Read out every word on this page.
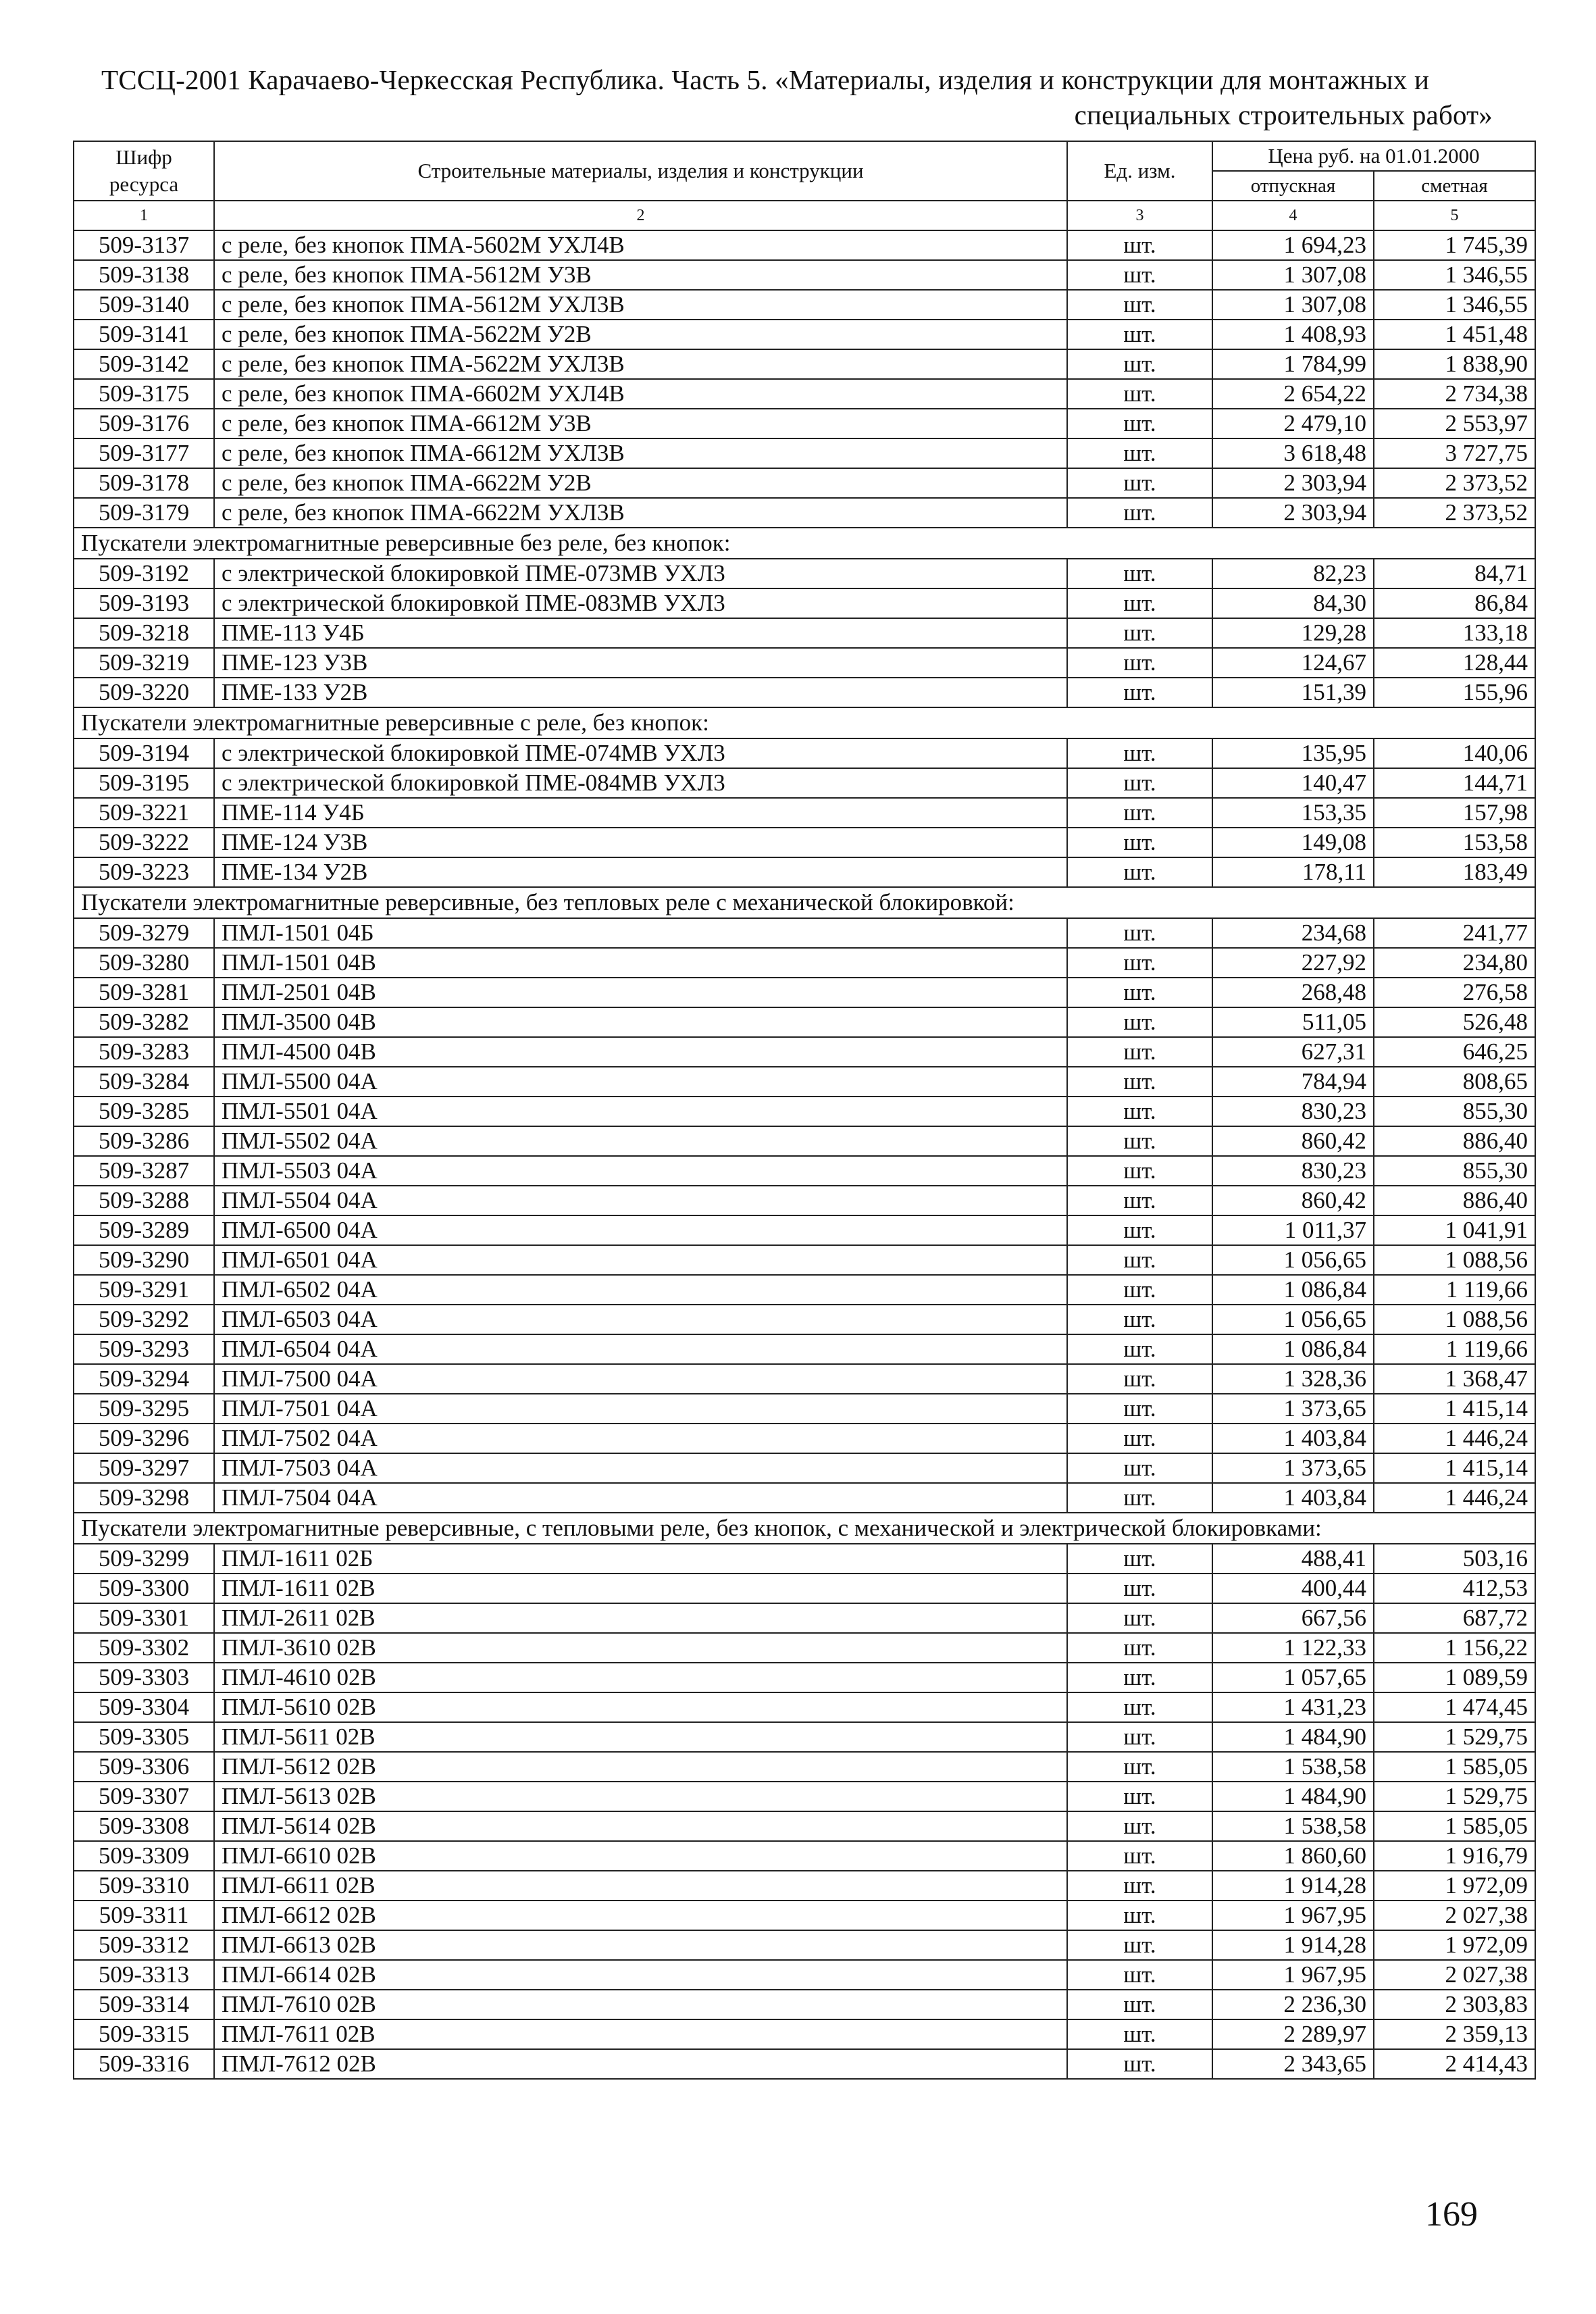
ТССЦ-2001 Карачаево-Черкесская Республика. Часть 5. «Материалы, изделия и конструкции для монтажных и
специальных строительных работ»
Шифр ресурса	Строительные материалы, изделия и конструкции	Ед. изм.	Цена руб. на 01.01.2000	
			отпускная	сметная
1	2	3	4	5
509-3137	с реле, без кнопок ПМА-5602М УХЛ4В	шт.	1 694,23	1 745,39
509-3138	с реле, без кнопок ПМА-5612М У3В	шт.	1 307,08	1 346,55
509-3140	с реле, без кнопок ПМА-5612М УХЛ3В	шт.	1 307,08	1 346,55
509-3141	с реле, без кнопок ПМА-5622М У2В	шт.	1 408,93	1 451,48
509-3142	с реле, без кнопок ПМА-5622М УХЛ3В	шт.	1 784,99	1 838,90
509-3175	с реле, без кнопок ПМА-6602М УХЛ4В	шт.	2 654,22	2 734,38
509-3176	с реле, без кнопок ПМА-6612М У3В	шт.	2 479,10	2 553,97
509-3177	с реле, без кнопок ПМА-6612М УХЛ3В	шт.	3 618,48	3 727,75
509-3178	с реле, без кнопок ПМА-6622М У2В	шт.	2 303,94	2 373,52
509-3179	с реле, без кнопок ПМА-6622М УХЛ3В	шт.	2 303,94	2 373,52
Пускатели электромагнитные реверсивные без реле, без кнопок:				
509-3192	с электрической блокировкой ПМЕ-073МВ УХЛ3	шт.	82,23	84,71
509-3193	с электрической блокировкой ПМЕ-083МВ УХЛ3	шт.	84,30	86,84
509-3218	ПМЕ-113 У4Б	шт.	129,28	133,18
509-3219	ПМЕ-123 У3В	шт.	124,67	128,44
509-3220	ПМЕ-133 У2В	шт.	151,39	155,96
Пускатели электромагнитные реверсивные с реле, без кнопок:				
509-3194	с электрической блокировкой ПМЕ-074МВ УХЛ3	шт.	135,95	140,06
509-3195	с электрической блокировкой ПМЕ-084МВ УХЛ3	шт.	140,47	144,71
509-3221	ПМЕ-114 У4Б	шт.	153,35	157,98
509-3222	ПМЕ-124 У3В	шт.	149,08	153,58
509-3223	ПМЕ-134 У2В	шт.	178,11	183,49
Пускатели электромагнитные реверсивные, без тепловых реле с механической блокировкой:				
509-3279	ПМЛ-1501 04Б	шт.	234,68	241,77
509-3280	ПМЛ-1501 04В	шт.	227,92	234,80
509-3281	ПМЛ-2501 04В	шт.	268,48	276,58
509-3282	ПМЛ-3500 04В	шт.	511,05	526,48
509-3283	ПМЛ-4500 04В	шт.	627,31	646,25
509-3284	ПМЛ-5500 04А	шт.	784,94	808,65
509-3285	ПМЛ-5501 04А	шт.	830,23	855,30
509-3286	ПМЛ-5502 04А	шт.	860,42	886,40
509-3287	ПМЛ-5503 04А	шт.	830,23	855,30
509-3288	ПМЛ-5504 04А	шт.	860,42	886,40
509-3289	ПМЛ-6500 04А	шт.	1 011,37	1 041,91
509-3290	ПМЛ-6501 04А	шт.	1 056,65	1 088,56
509-3291	ПМЛ-6502 04А	шт.	1 086,84	1 119,66
509-3292	ПМЛ-6503 04А	шт.	1 056,65	1 088,56
509-3293	ПМЛ-6504 04А	шт.	1 086,84	1 119,66
509-3294	ПМЛ-7500 04А	шт.	1 328,36	1 368,47
509-3295	ПМЛ-7501 04А	шт.	1 373,65	1 415,14
509-3296	ПМЛ-7502 04А	шт.	1 403,84	1 446,24
509-3297	ПМЛ-7503 04А	шт.	1 373,65	1 415,14
509-3298	ПМЛ-7504 04А	шт.	1 403,84	1 446,24
Пускатели электромагнитные реверсивные, с тепловыми реле, без кнопок, с механической и электрической блокировками:				
509-3299	ПМЛ-1611 02Б	шт.	488,41	503,16
509-3300	ПМЛ-1611 02В	шт.	400,44	412,53
509-3301	ПМЛ-2611 02В	шт.	667,56	687,72
509-3302	ПМЛ-3610 02В	шт.	1 122,33	1 156,22
509-3303	ПМЛ-4610 02В	шт.	1 057,65	1 089,59
509-3304	ПМЛ-5610 02В	шт.	1 431,23	1 474,45
509-3305	ПМЛ-5611 02В	шт.	1 484,90	1 529,75
509-3306	ПМЛ-5612 02В	шт.	1 538,58	1 585,05
509-3307	ПМЛ-5613 02В	шт.	1 484,90	1 529,75
509-3308	ПМЛ-5614 02В	шт.	1 538,58	1 585,05
509-3309	ПМЛ-6610 02В	шт.	1 860,60	1 916,79
509-3310	ПМЛ-6611 02В	шт.	1 914,28	1 972,09
509-3311	ПМЛ-6612 02В	шт.	1 967,95	2 027,38
509-3312	ПМЛ-6613 02В	шт.	1 914,28	1 972,09
509-3313	ПМЛ-6614 02В	шт.	1 967,95	2 027,38
509-3314	ПМЛ-7610 02В	шт.	2 236,30	2 303,83
509-3315	ПМЛ-7611 02В	шт.	2 289,97	2 359,13
509-3316	ПМЛ-7612 02В	шт.	2 343,65	2 414,43
169
